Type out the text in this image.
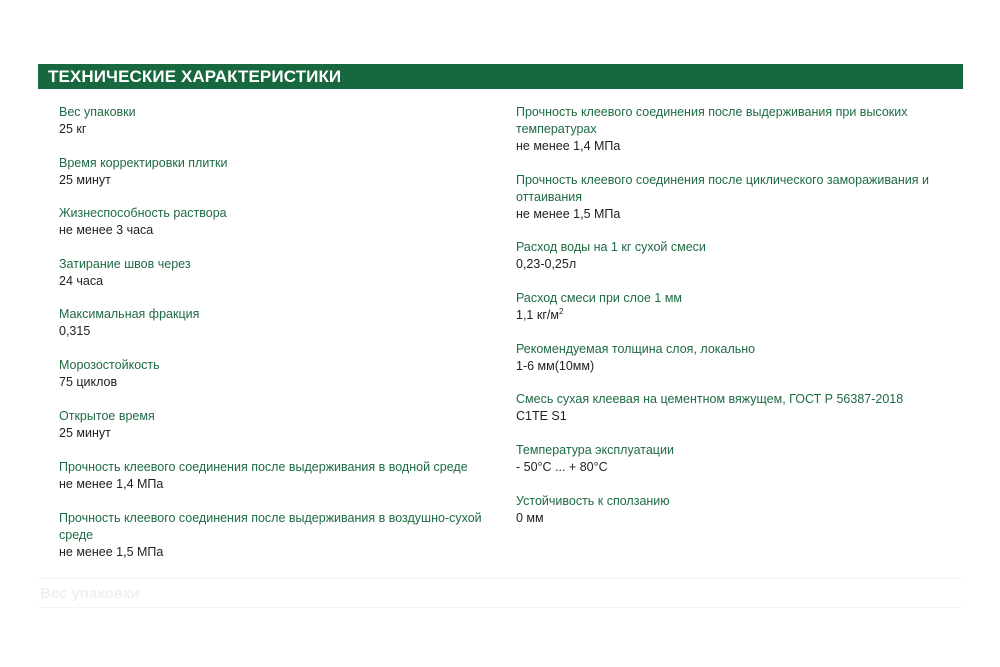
ТЕХНИЧЕСКИЕ ХАРАКТЕРИСТИКИ
Вес упаковки
25 кг
Время корректировки плитки
25 минут
Жизнеспособность раствора
не менее 3 часа
Затирание швов через
24 часа
Максимальная фракция
0,315
Морозостойкость
75 циклов
Открытое время
25 минут
Прочность клеевого соединения после выдерживания в водной среде
не менее 1,4 МПа
Прочность клеевого соединения после выдерживания в воздушно-сухой среде
не менее 1,5 МПа
Прочность клеевого соединения после выдерживания при высоких температурах
не менее 1,4 МПа
Прочность клеевого соединения после циклического замораживания и оттаивания
не менее 1,5 МПа
Расход воды на 1 кг сухой смеси
0,23-0,25л
Расход смеси при слое 1 мм
1,1 $кг/м^2$
Рекомендуемая толщина слоя, локально
1-6 мм(10мм)
Смесь сухая клеевая на цементном вяжущем, ГОСТ Р 56387-2018
C1TE S1
Температура эксплуатации
- 50°C ... + 80°C
Устойчивость к сползанию
0 мм
Вес упаковки
